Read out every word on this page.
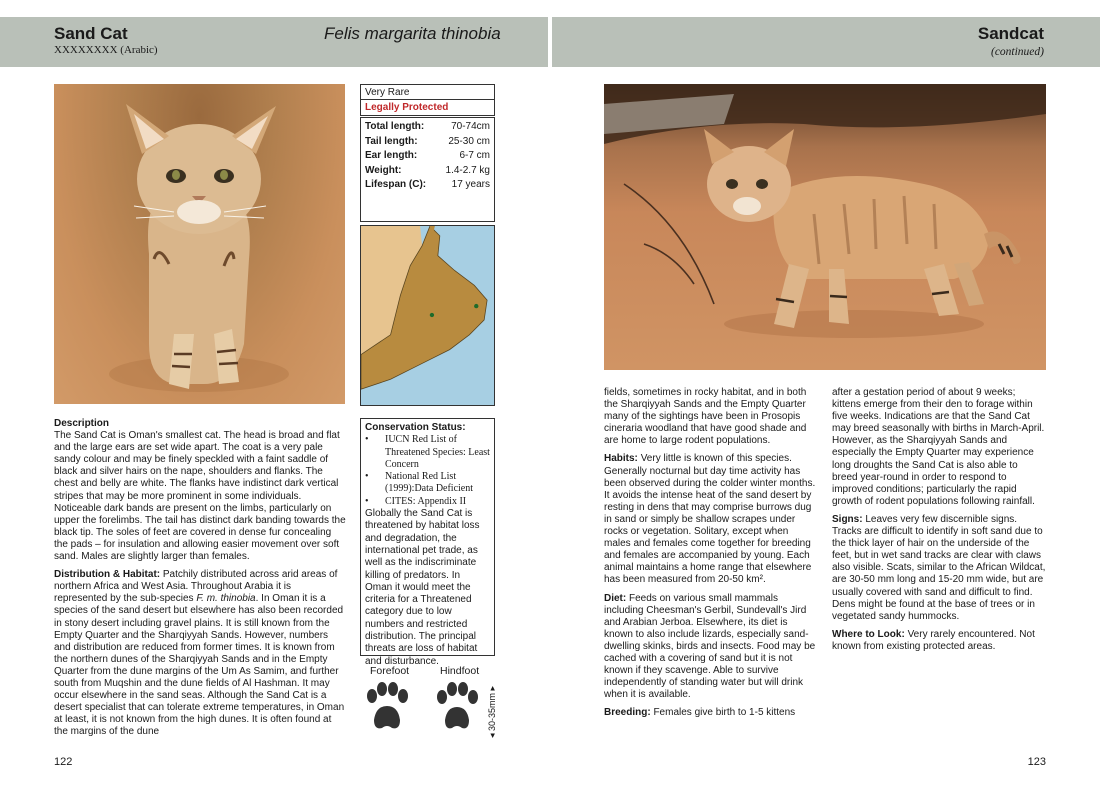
Sand Cat
XXXXXXXX (Arabic)
Felis margarita thinobia	Sandcat
(continued)
Very Rare
Legally Protected
Total length:	70-74cm
Tail length:	25-30 cm
Ear length:	6-7 cm
Weight:	1.4-2.7 kg
Lifespan (C):	17 years
Conservation Status:
• IUCN Red List of Threatened Species: Least Concern
• National Red List (1999):Data Deficient
• CITES: Appendix II
Globally the Sand Cat is threatened by habitat loss and degradation, the international pet trade, as well as the indiscriminate killing of predators. In Oman it would meet the criteria for a Threatened category due to low numbers and restricted distribution. The principal threats are loss of habitat and disturbance.
Forefoot	Hindfoot
◂ 30-35mm ▸

Description
The Sand Cat is Oman's smallest cat. The head is broad and flat and the large ears are set wide apart. The coat is a very pale sandy colour and may be finely speckled with a faint saddle of black and silver hairs on the nape, shoulders and flanks. The chest and belly are white. The flanks have indistinct dark vertical stripes that may be more prominent in some individuals. Noticeable dark bands are present on the limbs, particularly on upper the forelimbs. The tail has distinct dark banding towards the black tip. The soles of feet are covered in dense fur concealing the pads – for insulation and allowing easier movement over soft sand. Males are slightly larger than females.

Distribution & Habitat: Patchily distributed across arid areas of northern Africa and West Asia. Throughout Arabia it is represented by the sub-species F. m. thinobia. In Oman it is a species of the sand desert but elsewhere has also been recorded in stony desert including gravel plains. It is still known from the Empty Quarter and the Sharqiyyah Sands. However, numbers and distribution are reduced from former times. It is known from the northern dunes of the Sharqiyyah Sands and in the Empty Quarter from the dune margins of the Um As Samim, and further south from Muqshin and the dune fields of Al Hashman. It may occur elsewhere in the sand seas. Although the Sand Cat is a desert specialist that can tolerate extreme temperatures, in Oman at least, it is not known from the high dunes. It is often found at the margins of the dune

fields, sometimes in rocky habitat, and in both the Sharqiyyah Sands and the Empty Quarter many of the sightings have been in Prosopis cineraria woodland that have good shade and are home to large rodent populations.

Habits: Very little is known of this species. Generally nocturnal but day time activity has been observed during the colder winter months. It avoids the intense heat of the sand desert by resting in dens that may comprise burrows dug in sand or simply be shallow scrapes under rocks or vegetation. Solitary, except when males and females come together for breeding and females are accompanied by young. Each animal maintains a home range that elsewhere has been measured from 20-50 km².

Diet: Feeds on various small mammals including Cheesman's Gerbil, Sundevall's Jird and Arabian Jerboa. Elsewhere, its diet is known to also include lizards, especially sand-dwelling skinks, birds and insects. Food may be cached with a covering of sand but it is not known if they scavenge. Able to survive independently of standing water but will drink when it is available.

Breeding: Females give birth to 1-5 kittens

after a gestation period of about 9 weeks; kittens emerge from their den to forage within five weeks. Indications are that the Sand Cat may breed seasonally with births in March-April. However, as the Sharqiyyah Sands and especially the Empty Quarter may experience long droughts the Sand Cat is also able to breed year-round in order to respond to improved conditions; particularly the rapid growth of rodent populations following rainfall.

Signs: Leaves very few discernible signs. Tracks are difficult to identify in soft sand due to the thick layer of hair on the underside of the feet, but in wet sand tracks are clear with claws also visible. Scats, similar to the African Wildcat, are 30-50 mm long and 15-20 mm wide, but are usually covered with sand and difficult to find. Dens might be found at the base of trees or in vegetated sandy hummocks.

Where to Look: Very rarely encountered. Not known from existing protected areas.

122	123
